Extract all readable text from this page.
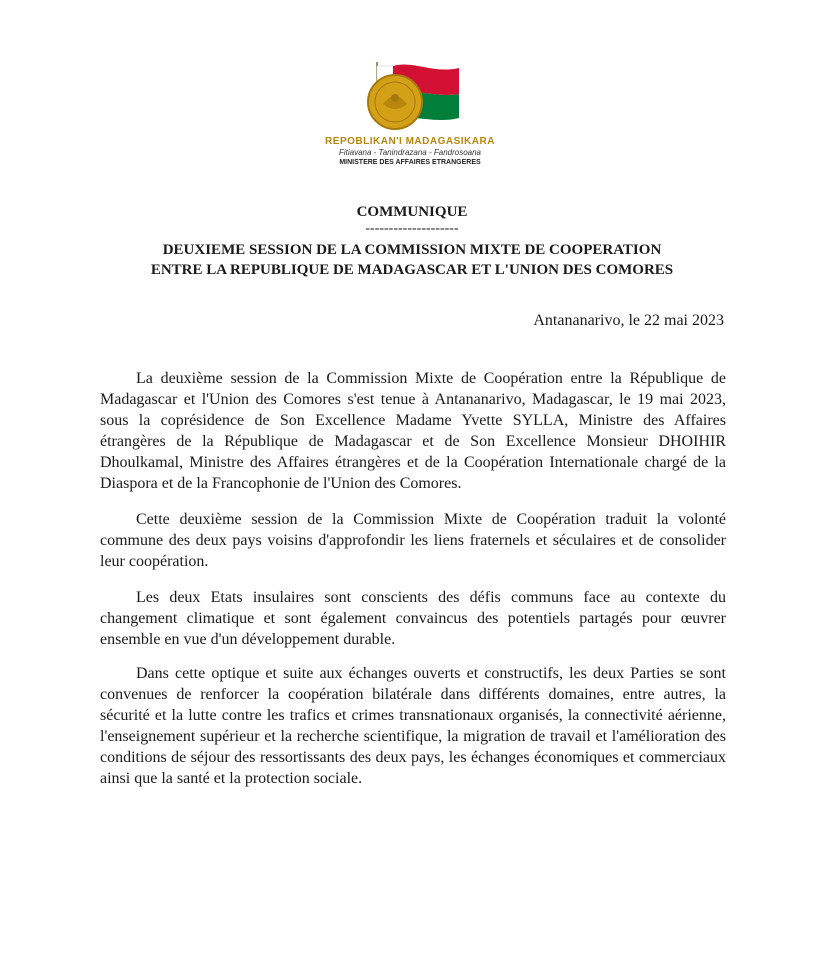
REPOBLIKAN'I MADAGASIKARA
Fitiavana - Tanindrazana - Fandrosoana
MINISTERE DES AFFAIRES ETRANGERES
COMMUNIQUE
--------------------
DEUXIEME SESSION DE LA COMMISSION MIXTE DE COOPERATION
ENTRE LA REPUBLIQUE DE MADAGASCAR ET L'UNION DES COMORES
Antananarivo, le 22 mai 2023

La deuxième session de la Commission Mixte de Coopération entre la République de Madagascar et l'Union des Comores s'est tenue à Antananarivo, Madagascar, le 19 mai 2023, sous la coprésidence de Son Excellence Madame Yvette SYLLA, Ministre des Affaires étrangères de la République de Madagascar et de Son Excellence Monsieur DHOIHIR Dhoulkamal, Ministre des Affaires étrangères et de la Coopération Internationale chargé de la Diaspora et de la Francophonie de l'Union des Comores.

Cette deuxième session de la Commission Mixte de Coopération traduit la volonté commune des deux pays voisins d'approfondir les liens fraternels et séculaires et de consolider leur coopération.

Les deux Etats insulaires sont conscients des défis communs face au contexte du changement climatique et sont également convaincus des potentiels partagés pour œuvrer ensemble en vue d'un développement durable.

Dans cette optique et suite aux échanges ouverts et constructifs, les deux Parties se sont convenues de renforcer la coopération bilatérale dans différents domaines, entre autres, la sécurité et la lutte contre les trafics et crimes transnationaux organisés, la connectivité aérienne, l'enseignement supérieur et la recherche scientifique, la migration de travail et l'amélioration des conditions de séjour des ressortissants des deux pays, les échanges économiques et commerciaux ainsi que la santé et la protection sociale.
